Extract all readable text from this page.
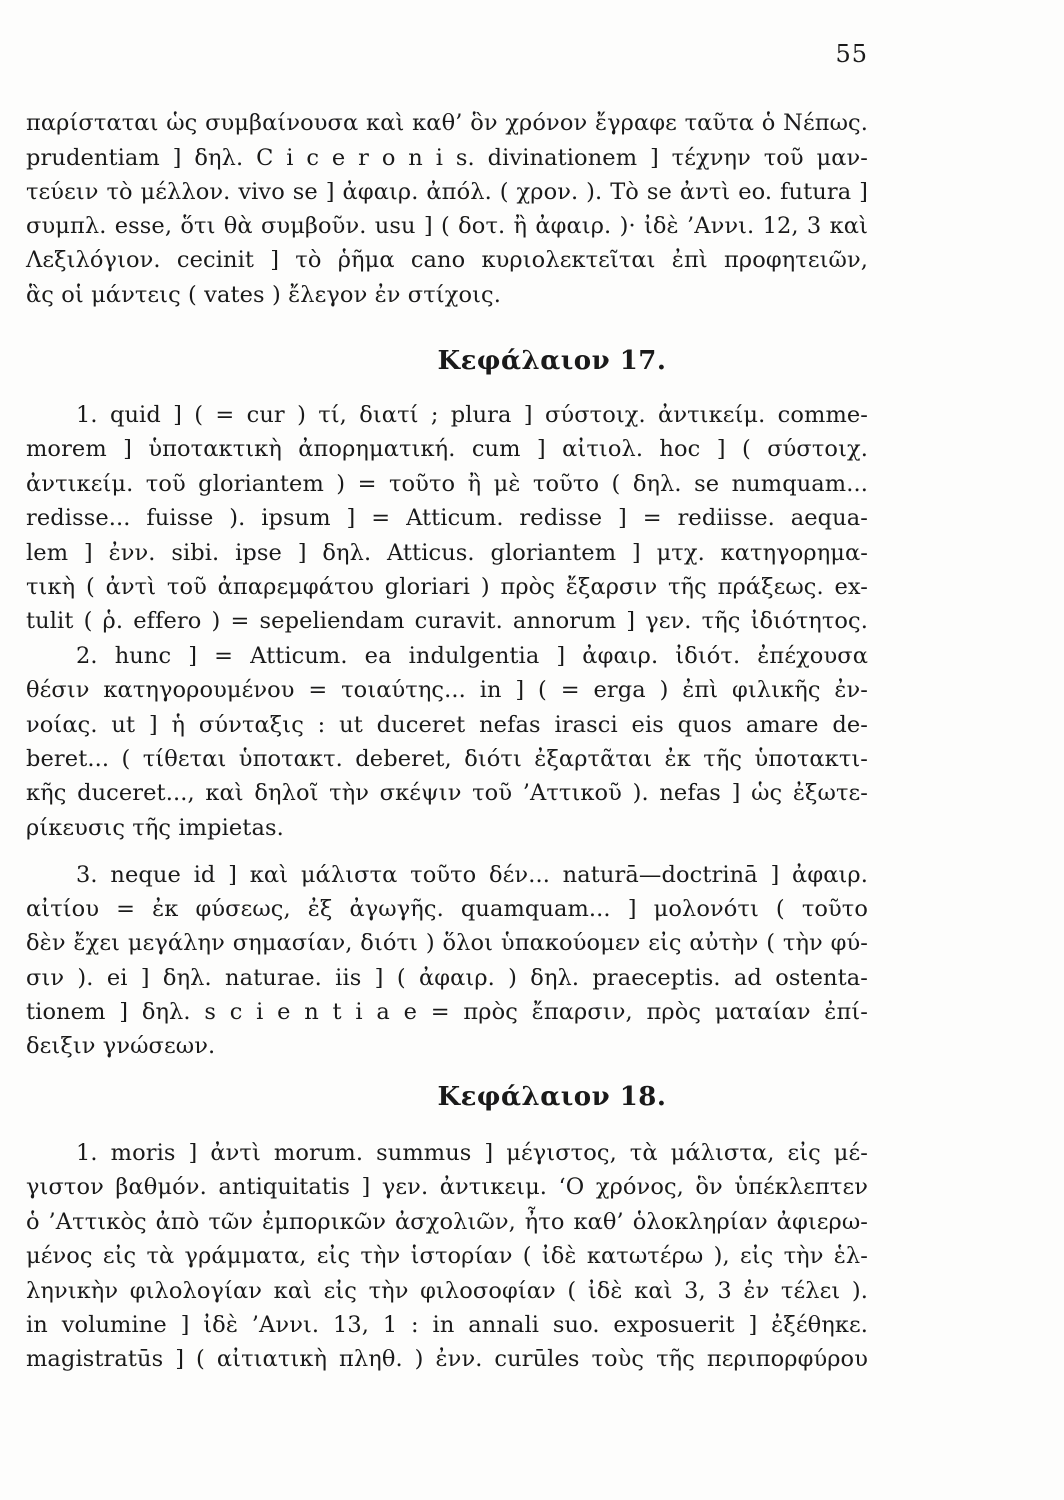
55
παρίσταται ὡς συμβαίνουσα καὶ καθ’ ὃν χρόνον ἔγραφε ταῦτα ὁ Νέπως.
prudentiam ] δηλ. C i c e r o n i s. divinationem ] τέχνην τοῦ μαν-
τεύειν τὸ μέλλον. vivo se ] ἀφαιρ. ἀπόλ. ( χρον. ). Τὸ se ἀντὶ eo. futura ]
συμπλ. esse, ὅτι θὰ συμβοῦν. usu ] ( δοτ. ἢ ἀφαιρ. )· ἰδὲ ’Αννι. 12, 3 καὶ
Λεξιλόγιον. cecinit ] τὸ ῥῆμα cano κυριολεκτεῖται ἐπὶ προφητειῶν,
ἃς οἱ μάντεις ( vates ) ἔλεγον ἐν στίχοις.
Κεφάλαιον 17.
1. quid ] ( = cur ) τί, διατί ; plura ] σύστοιχ. ἀντικείμ. comme-
morem ] ὑποτακτικὴ ἀπορηματική. cum ] αἰτιολ. hoc ] ( σύστοιχ.
ἀντικείμ. τοῦ gloriantem ) = τοῦτο ἢ μὲ τοῦτο ( δηλ. se numquam...
redisse... fuisse ). ipsum ] = Atticum. redisse ] = rediisse. aequa-
lem ] ἐνν. sibi. ipse ] δηλ. Atticus. gloriantem ] μτχ. κατηγορημα-
τικὴ ( ἀντὶ τοῦ ἀπαρεμφάτου gloriari ) πρὸς ἔξαρσιν τῆς πράξεως. ex-
tulit ( ῥ. effero ) = sepeliendam curavit. annorum ] γεν. τῆς ἰδιότητος.
2. hunc ] = Atticum. ea indulgentia ] ἀφαιρ. ἰδιότ. ἐπέχουσα
θέσιν κατηγορουμένου = τοιαύτης... in ] ( = erga ) ἐπὶ φιλικῆς ἐν-
νοίας. ut ] ἡ σύνταξις : ut duceret nefas irasci eis quos amare de-
beret... ( τίθεται ὑποτακτ. deberet, διότι ἐξαρτᾶται ἐκ τῆς ὑποτακτι-
κῆς duceret..., καὶ δηλοῖ τὴν σκέψιν τοῦ ’Αττικοῦ ). nefas ] ὡς ἐξωτε-
ρίκευσις τῆς impietas.
3. neque id ] καὶ μάλιστα τοῦτο δέν... naturā—doctrinā ] ἀφαιρ.
αἰτίου = ἐκ φύσεως, ἐξ ἀγωγῆς. quamquam... ] μολονότι ( τοῦτο
δὲν ἔχει μεγάλην σημασίαν, διότι ) ὅλοι ὑπακούομεν εἰς αὐτὴν ( τὴν φύ-
σιν ). ei ] δηλ. naturae. iis ] ( ἀφαιρ. ) δηλ. praeceptis. ad ostenta-
tionem ] δηλ. s c i e n t i a e = πρὸς ἔπαρσιν, πρὸς ματαίαν ἐπί-
δειξιν γνώσεων.
Κεφάλαιον 18.
1. moris ] ἀντὶ morum. summus ] μέγιστος, τὰ μάλιστα, εἰς μέ-
γιστον βαθμόν. antiquitatis ] γεν. ἀντικειμ. ‘Ο χρόνος, ὃν ὑπέκλεπτεν
ὁ ’Αττικὸς ἀπὸ τῶν ἐμπορικῶν ἀσχολιῶν, ἦτο καθ’ ὁλοκληρίαν ἀφιερω-
μένος εἰς τὰ γράμματα, εἰς τὴν ἱστορίαν ( ἰδὲ κατωτέρω ), εἰς τὴν ἑλ-
ληνικὴν φιλολογίαν καὶ εἰς τὴν φιλοσοφίαν ( ἰδὲ καὶ 3, 3 ἐν τέλει ).
in volumine ] ἰδὲ ’Αννι. 13, 1 : in annali suo. exposuerit ] ἐξέθηκε.
magistratūs ] ( αἰτιατικὴ πληθ. ) ἐνν. curūles τοὺς τῆς περιπορφύρου
